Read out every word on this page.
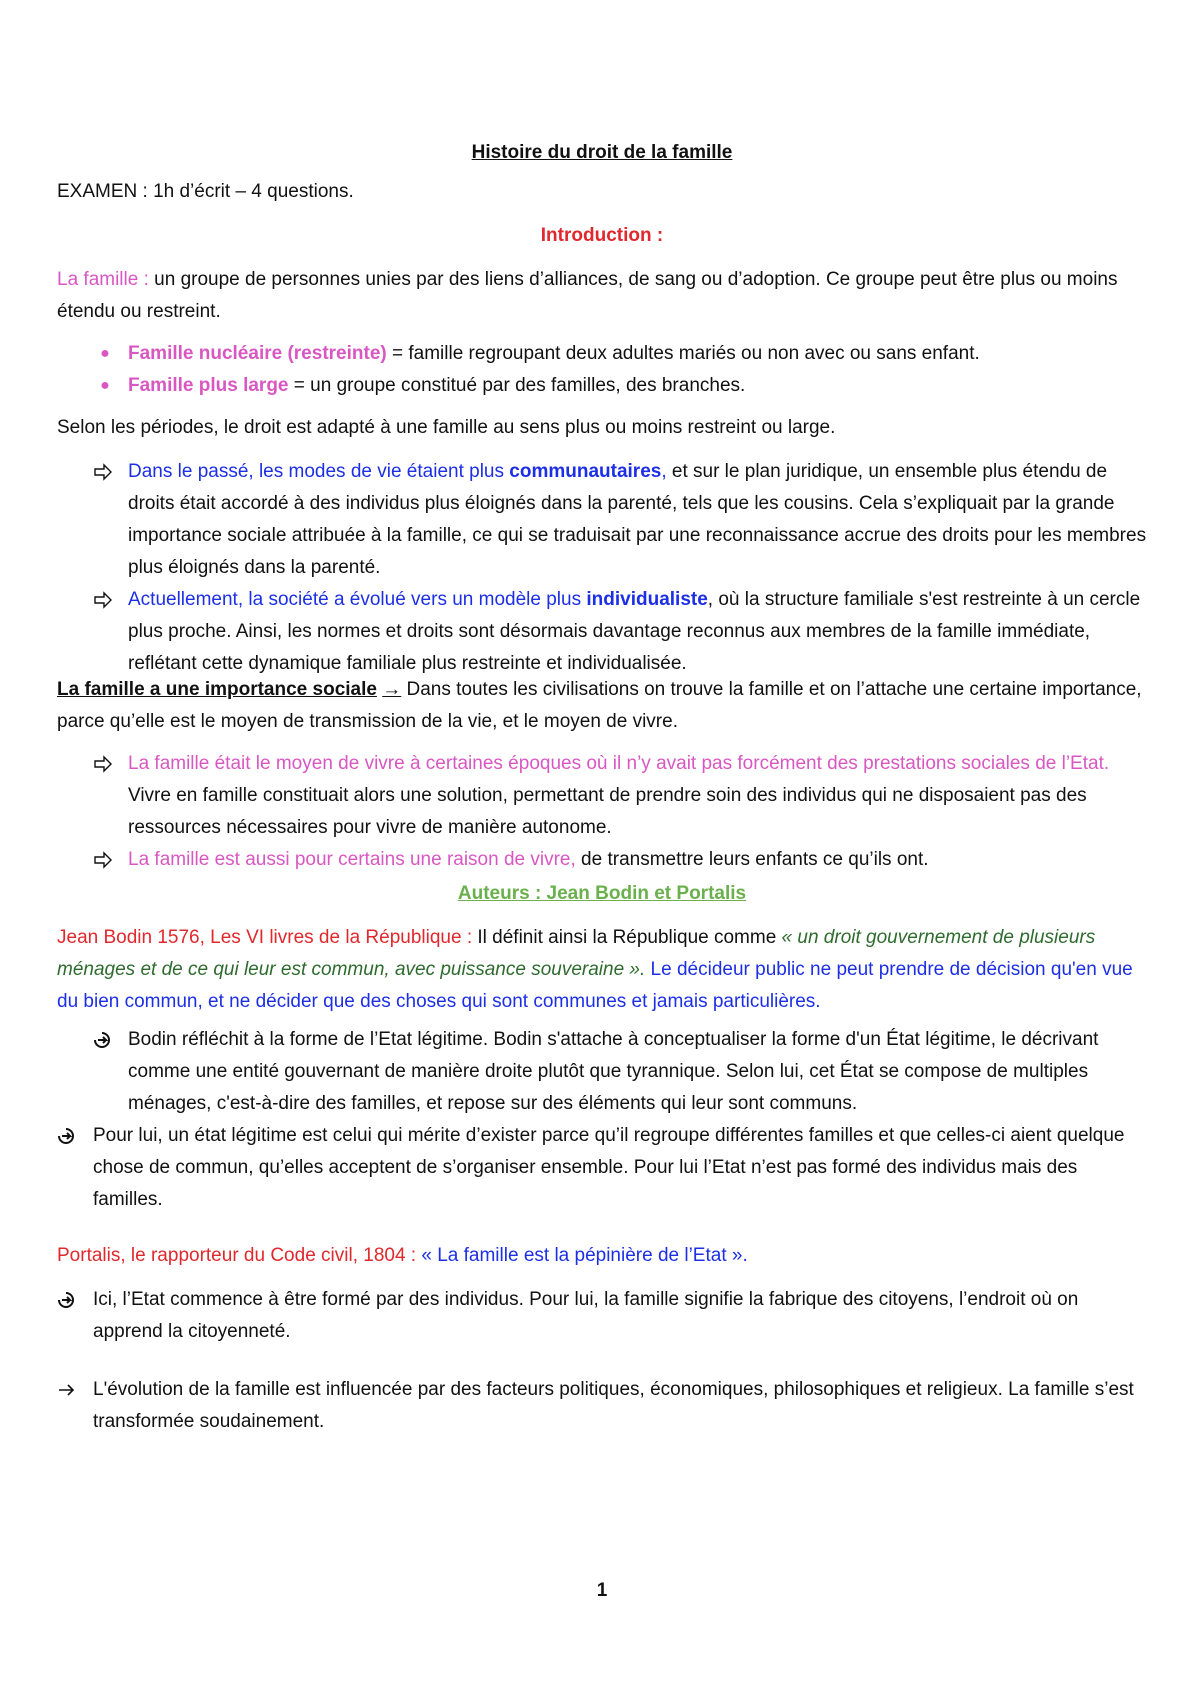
Histoire du droit de la famille

EXAMEN : 1h d’écrit – 4 questions.

Introduction :

La famille : un groupe de personnes unies par des liens d’alliances, de sang ou d’adoption. Ce groupe peut être plus ou moins étendu ou restreint.

● Famille nucléaire (restreinte) = famille regroupant deux adultes mariés ou non avec ou sans enfant.
● Famille plus large = un groupe constitué par des familles, des branches.

Selon les périodes, le droit est adapté à une famille au sens plus ou moins restreint ou large.

Dans le passé, les modes de vie étaient plus communautaires, et sur le plan juridique, un ensemble plus étendu de droits était accordé à des individus plus éloignés dans la parenté, tels que les cousins. Cela s’expliquait par la grande importance sociale attribuée à la famille, ce qui se traduisait par une reconnaissance accrue des droits pour les membres plus éloignés dans la parenté.
Actuellement, la société a évolué vers un modèle plus individualiste, où la structure familiale s'est restreinte à un cercle plus proche. Ainsi, les normes et droits sont désormais davantage reconnus aux membres de la famille immédiate, reflétant cette dynamique familiale plus restreinte et individualisée.

La famille a une importance sociale → Dans toutes les civilisations on trouve la famille et on l’attache une certaine importance, parce qu’elle est le moyen de transmission de la vie, et le moyen de vivre.

La famille était le moyen de vivre à certaines époques où il n’y avait pas forcément des prestations sociales de l’Etat. Vivre en famille constituait alors une solution, permettant de prendre soin des individus qui ne disposaient pas des ressources nécessaires pour vivre de manière autonome.
La famille est aussi pour certains une raison de vivre, de transmettre leurs enfants ce qu’ils ont.

Auteurs : Jean Bodin et Portalis

Jean Bodin 1576, Les VI livres de la République : Il définit ainsi la République comme « un droit gouvernement de plusieurs ménages et de ce qui leur est commun, avec puissance souveraine ». Le décideur public ne peut prendre de décision qu'en vue du bien commun, et ne décider que des choses qui sont communes et jamais particulières.

Bodin réfléchit à la forme de l’Etat légitime. Bodin s'attache à conceptualiser la forme d'un État légitime, le décrivant comme une entité gouvernant de manière droite plutôt que tyrannique. Selon lui, cet État se compose de multiples ménages, c'est-à-dire des familles, et repose sur des éléments qui leur sont communs.
Pour lui, un état légitime est celui qui mérite d’exister parce qu’il regroupe différentes familles et que celles-ci aient quelque chose de commun, qu’elles acceptent de s’organiser ensemble. Pour lui l’Etat n’est pas formé des individus mais des familles.

Portalis, le rapporteur du Code civil, 1804 : « La famille est la pépinière de l’Etat ».

Ici, l’Etat commence à être formé par des individus. Pour lui, la famille signifie la fabrique des citoyens, l’endroit où on apprend la citoyenneté.
L'évolution de la famille est influencée par des facteurs politiques, économiques, philosophiques et religieux. La famille s’est transformée soudainement.
1
